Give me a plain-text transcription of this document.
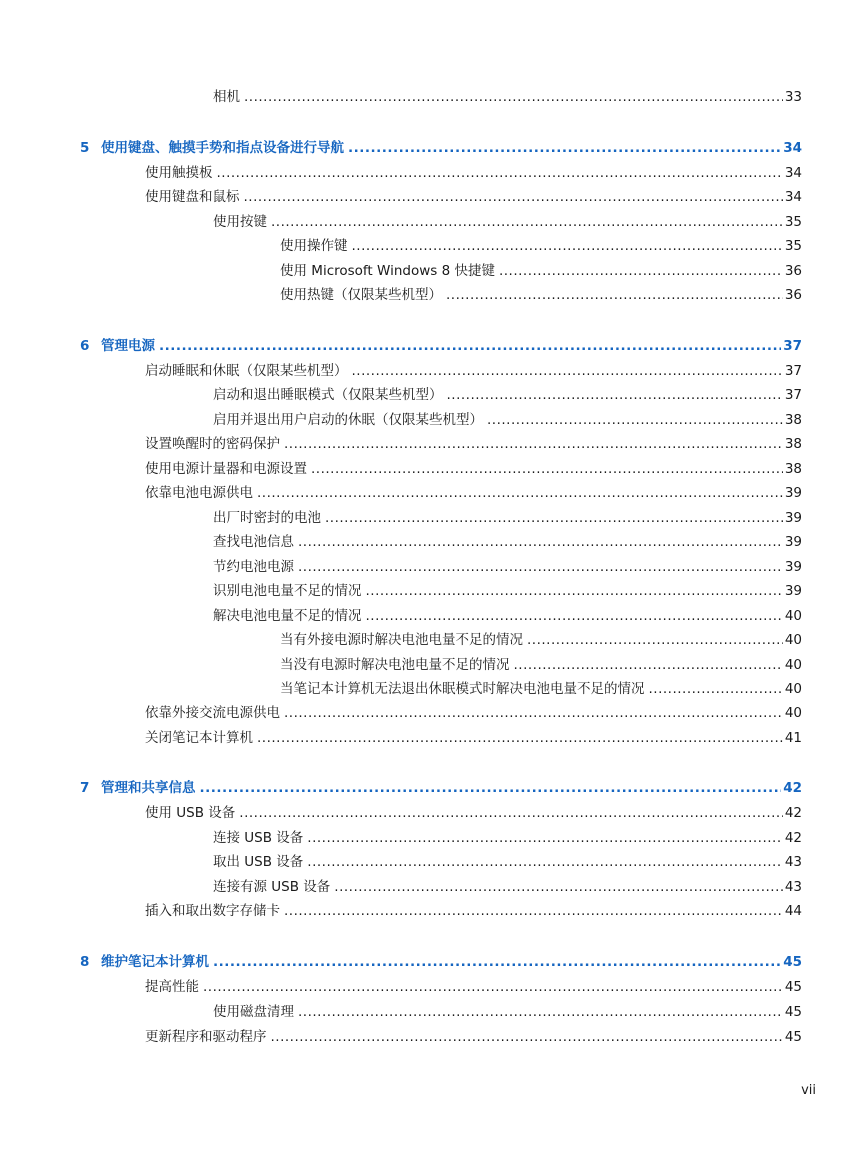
相机 .....	33
5 使用键盘、触摸手势和指点设备进行导航 .....	34
使用触摸板 .....	34
使用键盘和鼠标 .....	34
使用按键 .....	35
使用操作键 .....	35
使用 Microsoft Windows 8 快捷键 .....	36
使用热键（仅限某些机型） .....	36
6 管理电源 .....	37
启动睡眠和休眠（仅限某些机型） .....	37
启动和退出睡眠模式（仅限某些机型） .....	37
启用并退出用户启动的休眠（仅限某些机型） .....	38
设置唤醒时的密码保护 .....	38
使用电源计量器和电源设置 .....	38
依靠电池电源供电 .....	39
出厂时密封的电池 .....	39
查找电池信息 .....	39
节约电池电源 .....	39
识别电池电量不足的情况 .....	39
解决电池电量不足的情况 .....	40
当有外接电源时解决电池电量不足的情况 .....	40
当没有电源时解决电池电量不足的情况 .....	40
当笔记本计算机无法退出休眠模式时解决电池电量不足的情况 .....	40
依靠外接交流电源供电 .....	40
关闭笔记本计算机 .....	41
7 管理和共享信息 .....	42
使用 USB 设备 .....	42
连接 USB 设备 .....	42
取出 USB 设备 .....	43
连接有源 USB 设备 .....	43
插入和取出数字存储卡 .....	44
8 维护笔记本计算机 .....	45
提高性能 .....	45
使用磁盘清理 .....	45
更新程序和驱动程序 .....	45
vii
